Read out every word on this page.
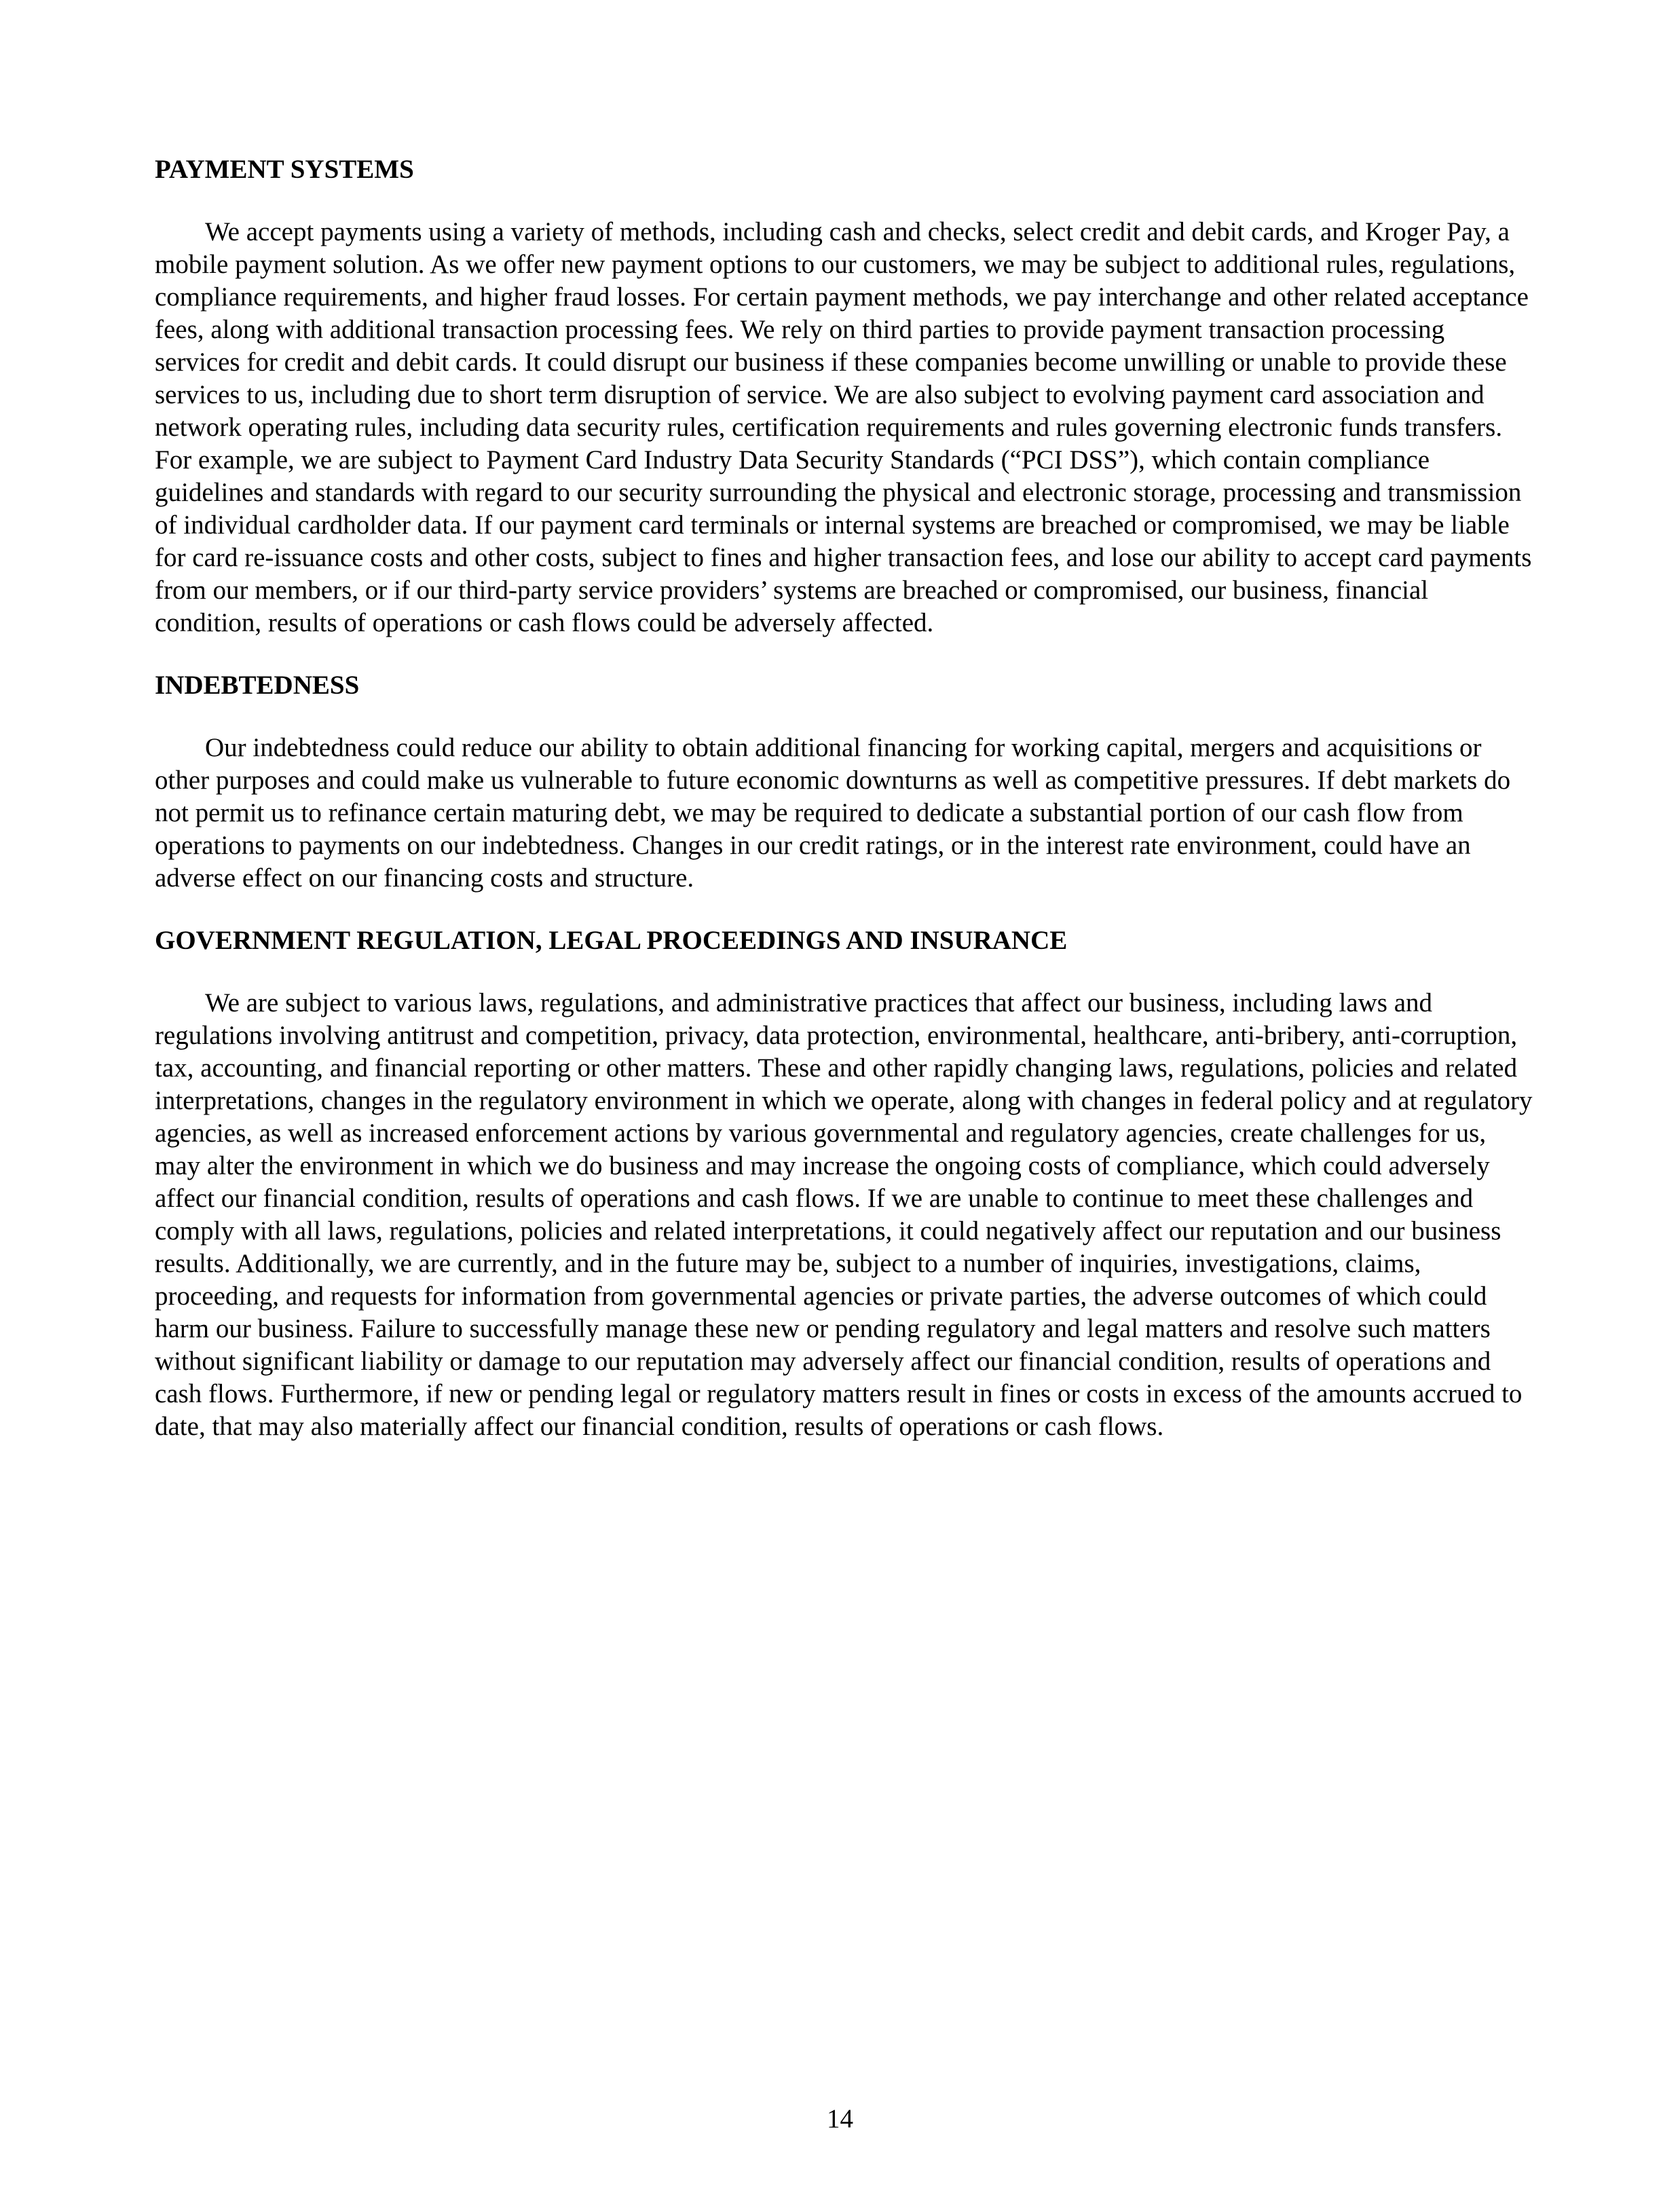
PAYMENT SYSTEMS

We accept payments using a variety of methods, including cash and checks, select credit and debit cards, and Kroger Pay, a mobile payment solution. As we offer new payment options to our customers, we may be subject to additional rules, regulations, compliance requirements, and higher fraud losses. For certain payment methods, we pay interchange and other related acceptance fees, along with additional transaction processing fees. We rely on third parties to provide payment transaction processing services for credit and debit cards. It could disrupt our business if these companies become unwilling or unable to provide these services to us, including due to short term disruption of service. We are also subject to evolving payment card association and network operating rules, including data security rules, certification requirements and rules governing electronic funds transfers. For example, we are subject to Payment Card Industry Data Security Standards (“PCI DSS”), which contain compliance guidelines and standards with regard to our security surrounding the physical and electronic storage, processing and transmission of individual cardholder data. If our payment card terminals or internal systems are breached or compromised, we may be liable for card re-issuance costs and other costs, subject to fines and higher transaction fees, and lose our ability to accept card payments from our members, or if our third-party service providers’ systems are breached or compromised, our business, financial condition, results of operations or cash flows could be adversely affected.

INDEBTEDNESS

Our indebtedness could reduce our ability to obtain additional financing for working capital, mergers and acquisitions or other purposes and could make us vulnerable to future economic downturns as well as competitive pressures. If debt markets do not permit us to refinance certain maturing debt, we may be required to dedicate a substantial portion of our cash flow from operations to payments on our indebtedness. Changes in our credit ratings, or in the interest rate environment, could have an adverse effect on our financing costs and structure.

GOVERNMENT REGULATION, LEGAL PROCEEDINGS AND INSURANCE

We are subject to various laws, regulations, and administrative practices that affect our business, including laws and regulations involving antitrust and competition, privacy, data protection, environmental, healthcare, anti-bribery, anti-corruption, tax, accounting, and financial reporting or other matters. These and other rapidly changing laws, regulations, policies and related interpretations, changes in the regulatory environment in which we operate, along with changes in federal policy and at regulatory agencies, as well as increased enforcement actions by various governmental and regulatory agencies, create challenges for us, may alter the environment in which we do business and may increase the ongoing costs of compliance, which could adversely affect our financial condition, results of operations and cash flows. If we are unable to continue to meet these challenges and comply with all laws, regulations, policies and related interpretations, it could negatively affect our reputation and our business results. Additionally, we are currently, and in the future may be, subject to a number of inquiries, investigations, claims, proceeding, and requests for information from governmental agencies or private parties, the adverse outcomes of which could harm our business. Failure to successfully manage these new or pending regulatory and legal matters and resolve such matters without significant liability or damage to our reputation may adversely affect our financial condition, results of operations and cash flows. Furthermore, if new or pending legal or regulatory matters result in fines or costs in excess of the amounts accrued to date, that may also materially affect our financial condition, results of operations or cash flows.

14
